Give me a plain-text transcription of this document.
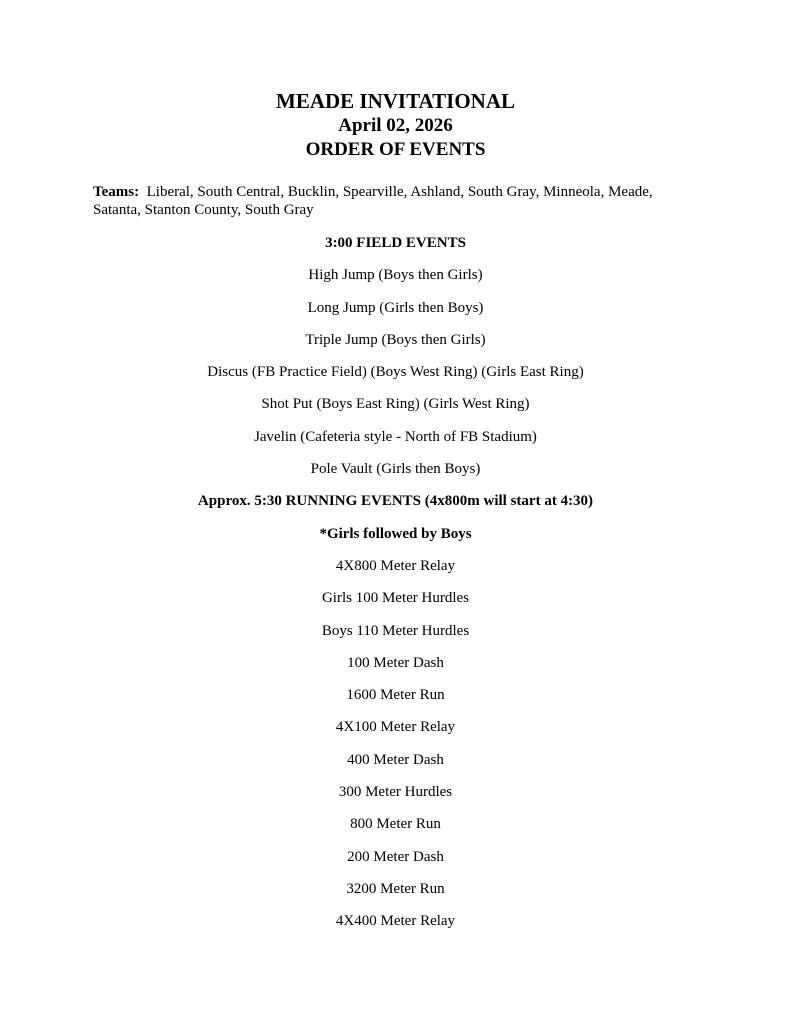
MEADE INVITATIONAL
April 02, 2026
ORDER OF EVENTS
Teams: Liberal, South Central, Bucklin, Spearville, Ashland, South Gray, Minneola, Meade, Satanta, Stanton County, South Gray
3:00 FIELD EVENTS
High Jump (Boys then Girls)
Long Jump (Girls then Boys)
Triple Jump (Boys then Girls)
Discus (FB Practice Field) (Boys West Ring) (Girls East Ring)
Shot Put (Boys East Ring) (Girls West Ring)
Javelin (Cafeteria style - North of FB Stadium)
Pole Vault (Girls then Boys)
Approx. 5:30 RUNNING EVENTS (4x800m will start at 4:30)
*Girls followed by Boys
4X800 Meter Relay
Girls 100 Meter Hurdles
Boys 110 Meter Hurdles
100 Meter Dash
1600 Meter Run
4X100 Meter Relay
400 Meter Dash
300 Meter Hurdles
800 Meter Run
200 Meter Dash
3200 Meter Run
4X400 Meter Relay
